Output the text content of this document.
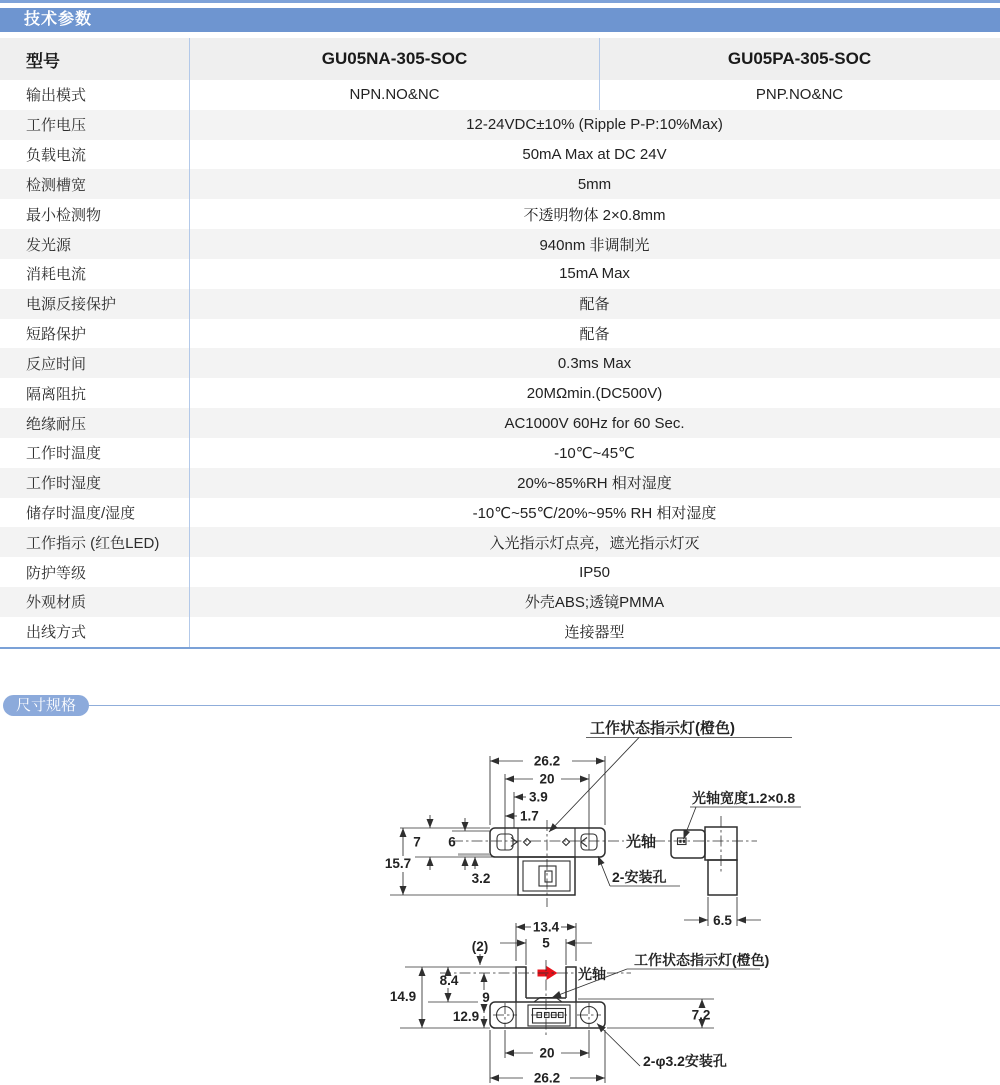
技术参数
型号	GU05NA-305-SOC	GU05PA-305-SOC
输出模式	NPN.NO&NC	PNP.NO&NC
工作电压	12-24VDC±10% (Ripple P-P:10%Max)
负载电流	50mA Max at DC 24V
检测槽宽	5mm
最小检测物	不透明物体 2×0.8mm
发光源	940nm 非调制光
消耗电流	15mA Max
电源反接保护	配备
短路保护	配备
反应时间	0.3ms Max
隔离阻抗	20MΩmin.(DC500V)
绝缘耐压	AC1000V 60Hz for 60 Sec.
工作时温度	-10℃~45℃
工作时湿度	20%~85%RH 相对湿度
储存时温度/湿度	-10℃~55℃/20%~95% RH 相对湿度
工作指示 (红色LED)	入光指示灯点亮，遮光指示灯灭
防护等级	IP50
外观材质	外壳ABS;透镜PMMA
出线方式	连接器型
尺寸规格
工作状态指示灯(橙色)
26.2
20
3.9
1.7
7 6
15.7
3.2
光轴
2-安装孔
光轴宽度1.2×0.8
6.5
光轴
工作状态指示灯(橙色)
13.4
5
(2)
14.9
8.4
9
12.9	7.2
20
26.2
2-φ3.2安装孔
